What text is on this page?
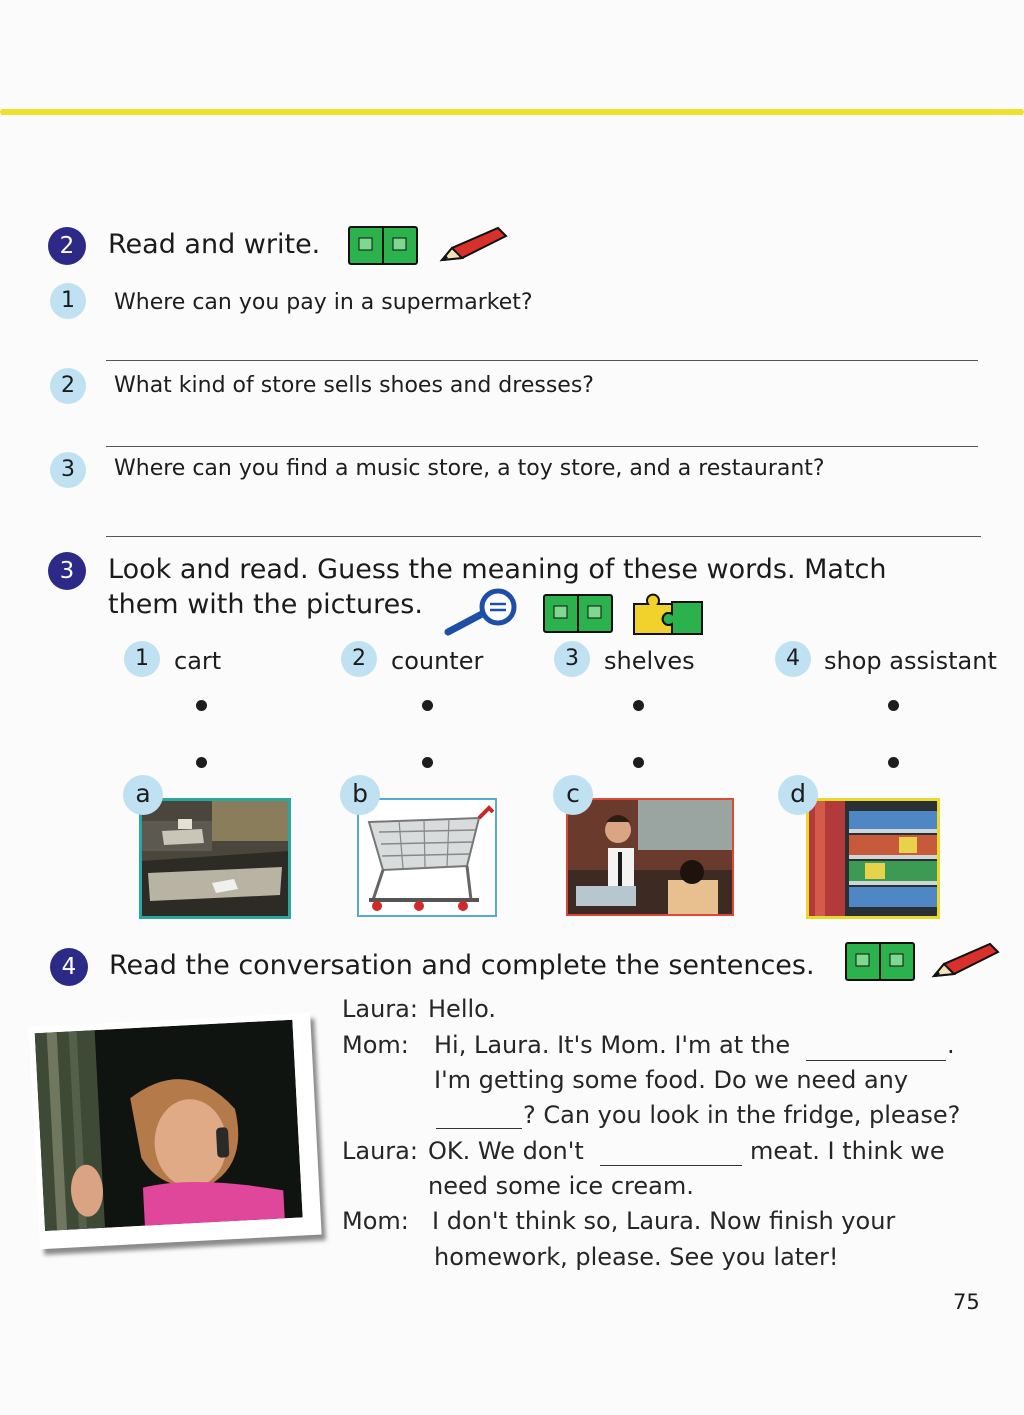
2	Read and write.
1	Where can you pay in a supermarket?
2	What kind of store sells shoes and dresses?
3	Where can you find a music store, a toy store, and a restaurant?
3	Look and read. Guess the meaning of these words. Match
them with the pictures.
1	cart	2	counter	3	shelves	4	shop assistant
a	b	c	d
4	Read the conversation and complete the sentences.
Laura: Hello.
Mom: Hi, Laura. It's Mom. I'm at the	.
I'm getting some food. Do we need any
? Can you look in the fridge, please?
Laura: OK. We don't	meat. I think we
need some ice cream.
Mom: I don't think so, Laura. Now finish your
homework, please. See you later!
75
